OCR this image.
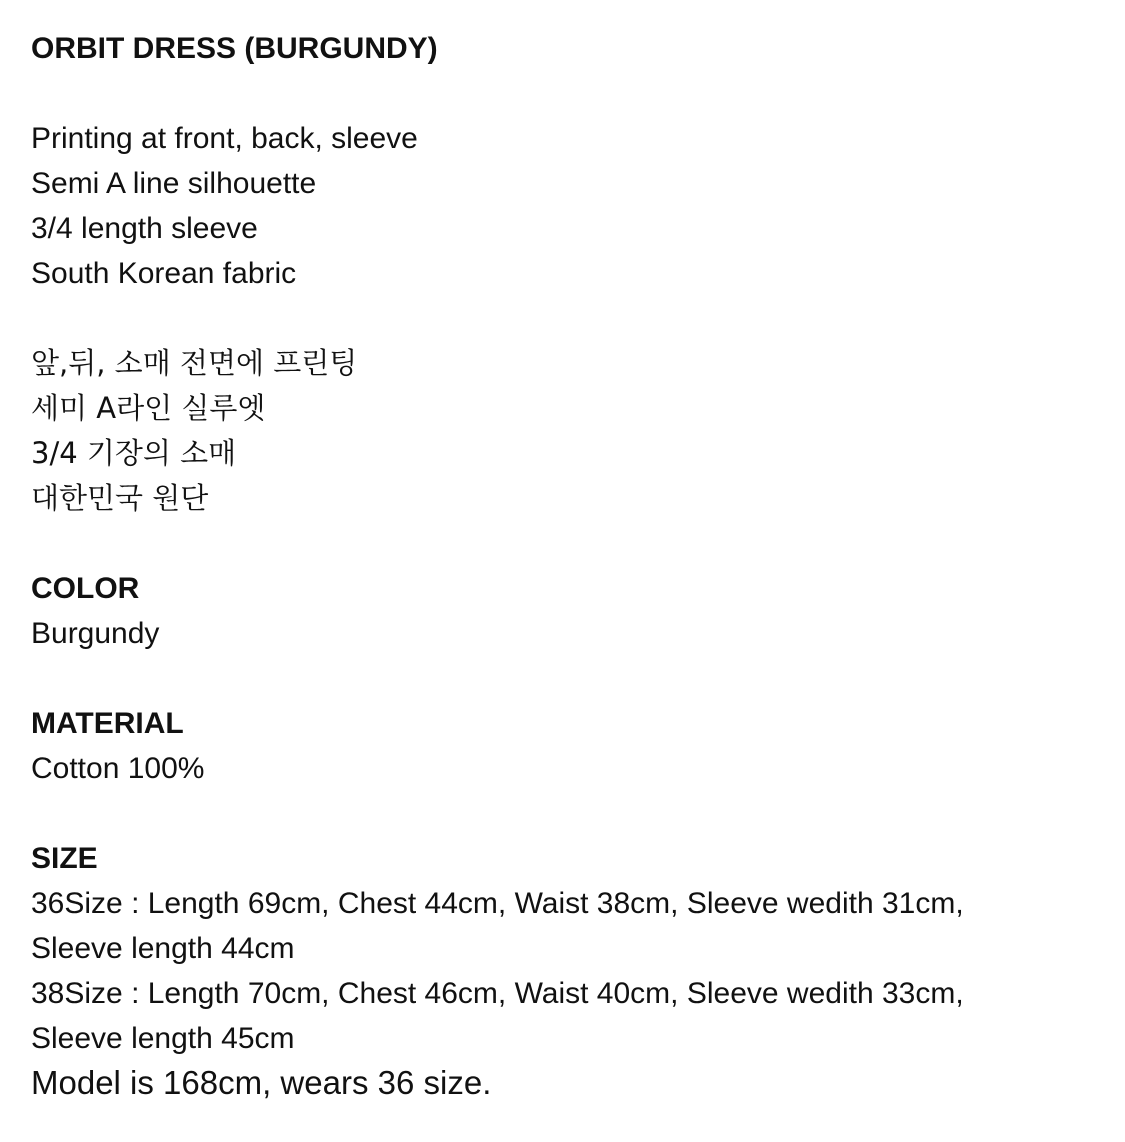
ORBIT DRESS (BURGUNDY)
Printing at front, back, sleeve
Semi A line silhouette
3/4 length sleeve
South Korean fabric
앞,뒤, 소매 전면에 프린팅
세미 A라인 실루엣
3/4 기장의 소매
대한민국 원단
COLOR
Burgundy
MATERIAL
Cotton 100%
SIZE
36Size : Length 69cm, Chest 44cm, Waist 38cm, Sleeve wedith 31cm,
Sleeve length 44cm
38Size : Length 70cm, Chest 46cm, Waist 40cm, Sleeve wedith 33cm,
Sleeve length 45cm
Model is 168cm, wears 36 size.
